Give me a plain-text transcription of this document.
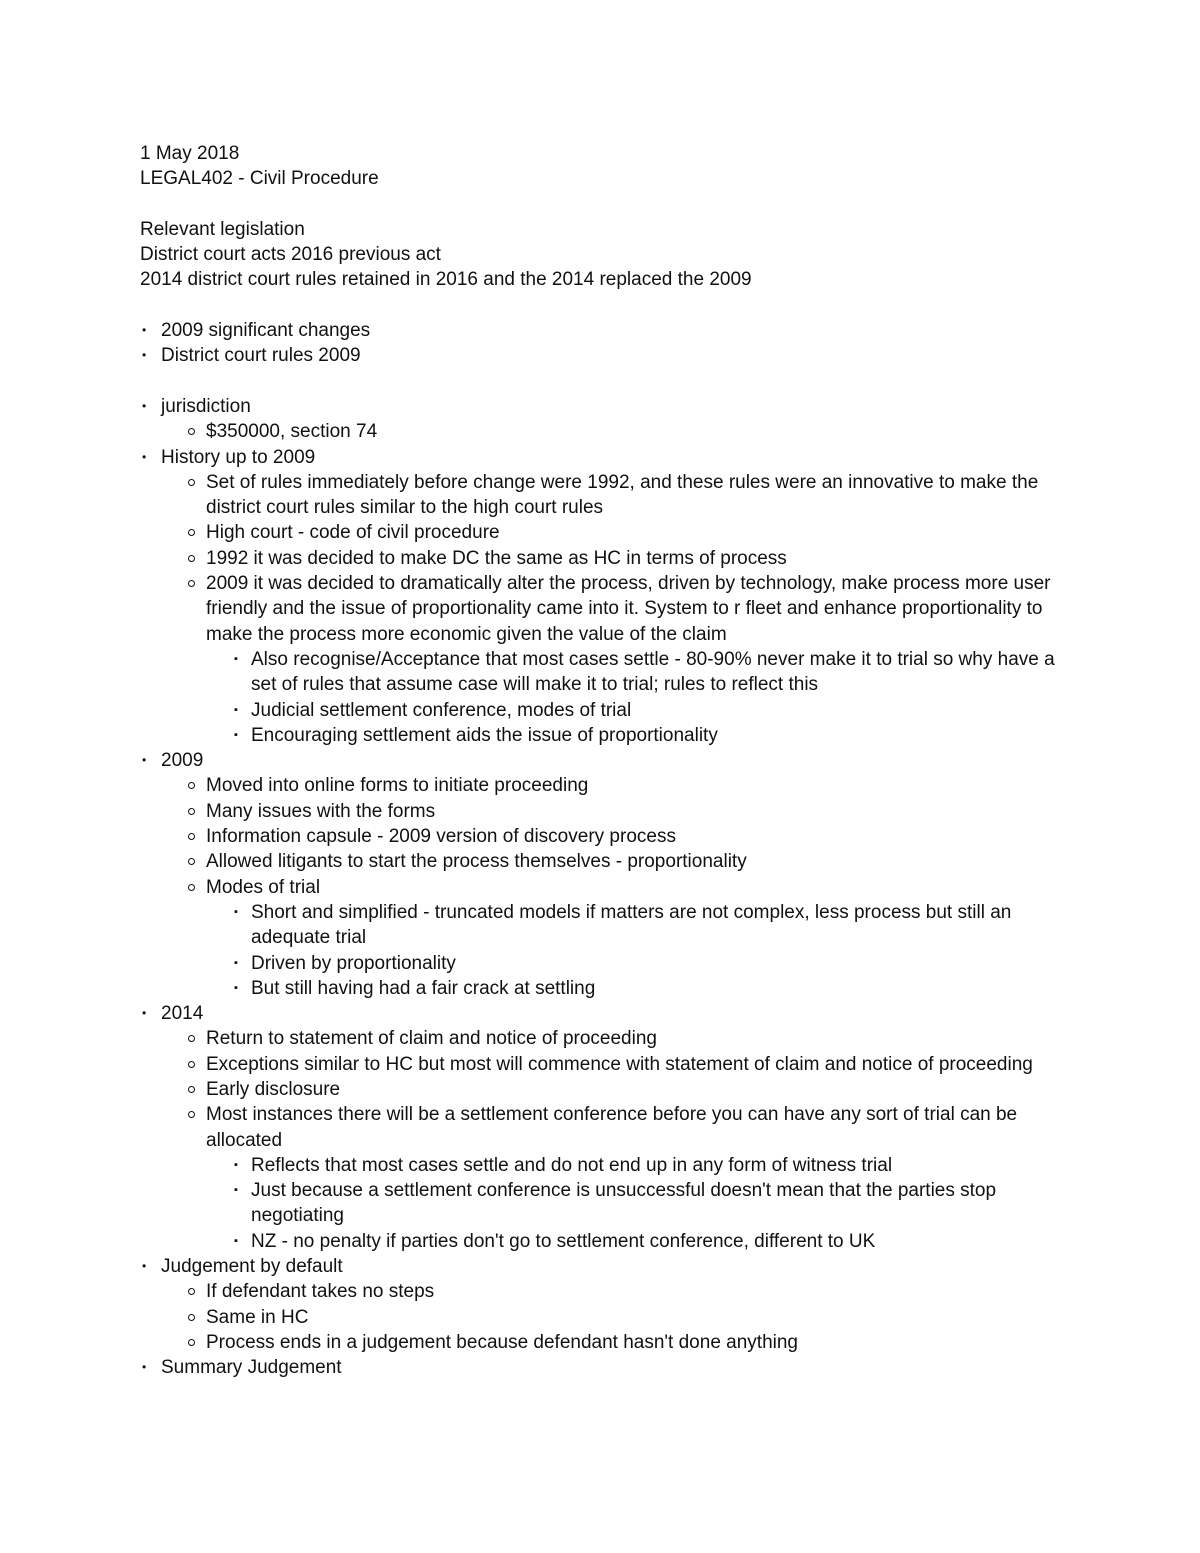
1 May 2018
LEGAL402 - Civil Procedure
Relevant legislation
District court acts 2016 previous act
2014 district court rules retained in 2016 and the 2014 replaced the 2009
• 2009 significant changes
• District court rules 2009
• jurisdiction
$350000, section 74
• History up to 2009
Set of rules immediately before change were 1992, and these rules were an innovative to make the district court rules similar to the high court rules
High court - code of civil procedure
1992 it was decided to make DC the same as HC in terms of process
2009 it was decided to dramatically alter the process, driven by technology, make process more user friendly and the issue of proportionality came into it. System to r fleet and enhance proportionality to make the process more economic given the value of the claim
▪ Also recognise/Acceptance that most cases settle - 80-90% never make it to trial so why have a set of rules that assume case will make it to trial; rules to reflect this
▪ Judicial settlement conference, modes of trial
▪ Encouraging settlement aids the issue of proportionality
• 2009
Moved into online forms to initiate proceeding
Many issues with the forms
Information capsule - 2009 version of discovery process
Allowed litigants to start the process themselves - proportionality
Modes of trial
▪ Short and simplified - truncated models if matters are not complex, less process but still an adequate trial
▪ Driven by proportionality
▪ But still having had a fair crack at settling
• 2014
Return to statement of claim and notice of proceeding
Exceptions similar to HC but most will commence with statement of claim and notice of proceeding
Early disclosure
Most instances there will be a settlement conference before you can have any sort of trial can be allocated
▪ Reflects that most cases settle and do not end up in any form of witness trial
▪ Just because a settlement conference is unsuccessful doesn't mean that the parties stop negotiating
▪ NZ - no penalty if parties don't go to settlement conference, different to UK
• Judgement by default
If defendant takes no steps
Same in HC
Process ends in a judgement because defendant hasn't done anything
• Summary Judgement
